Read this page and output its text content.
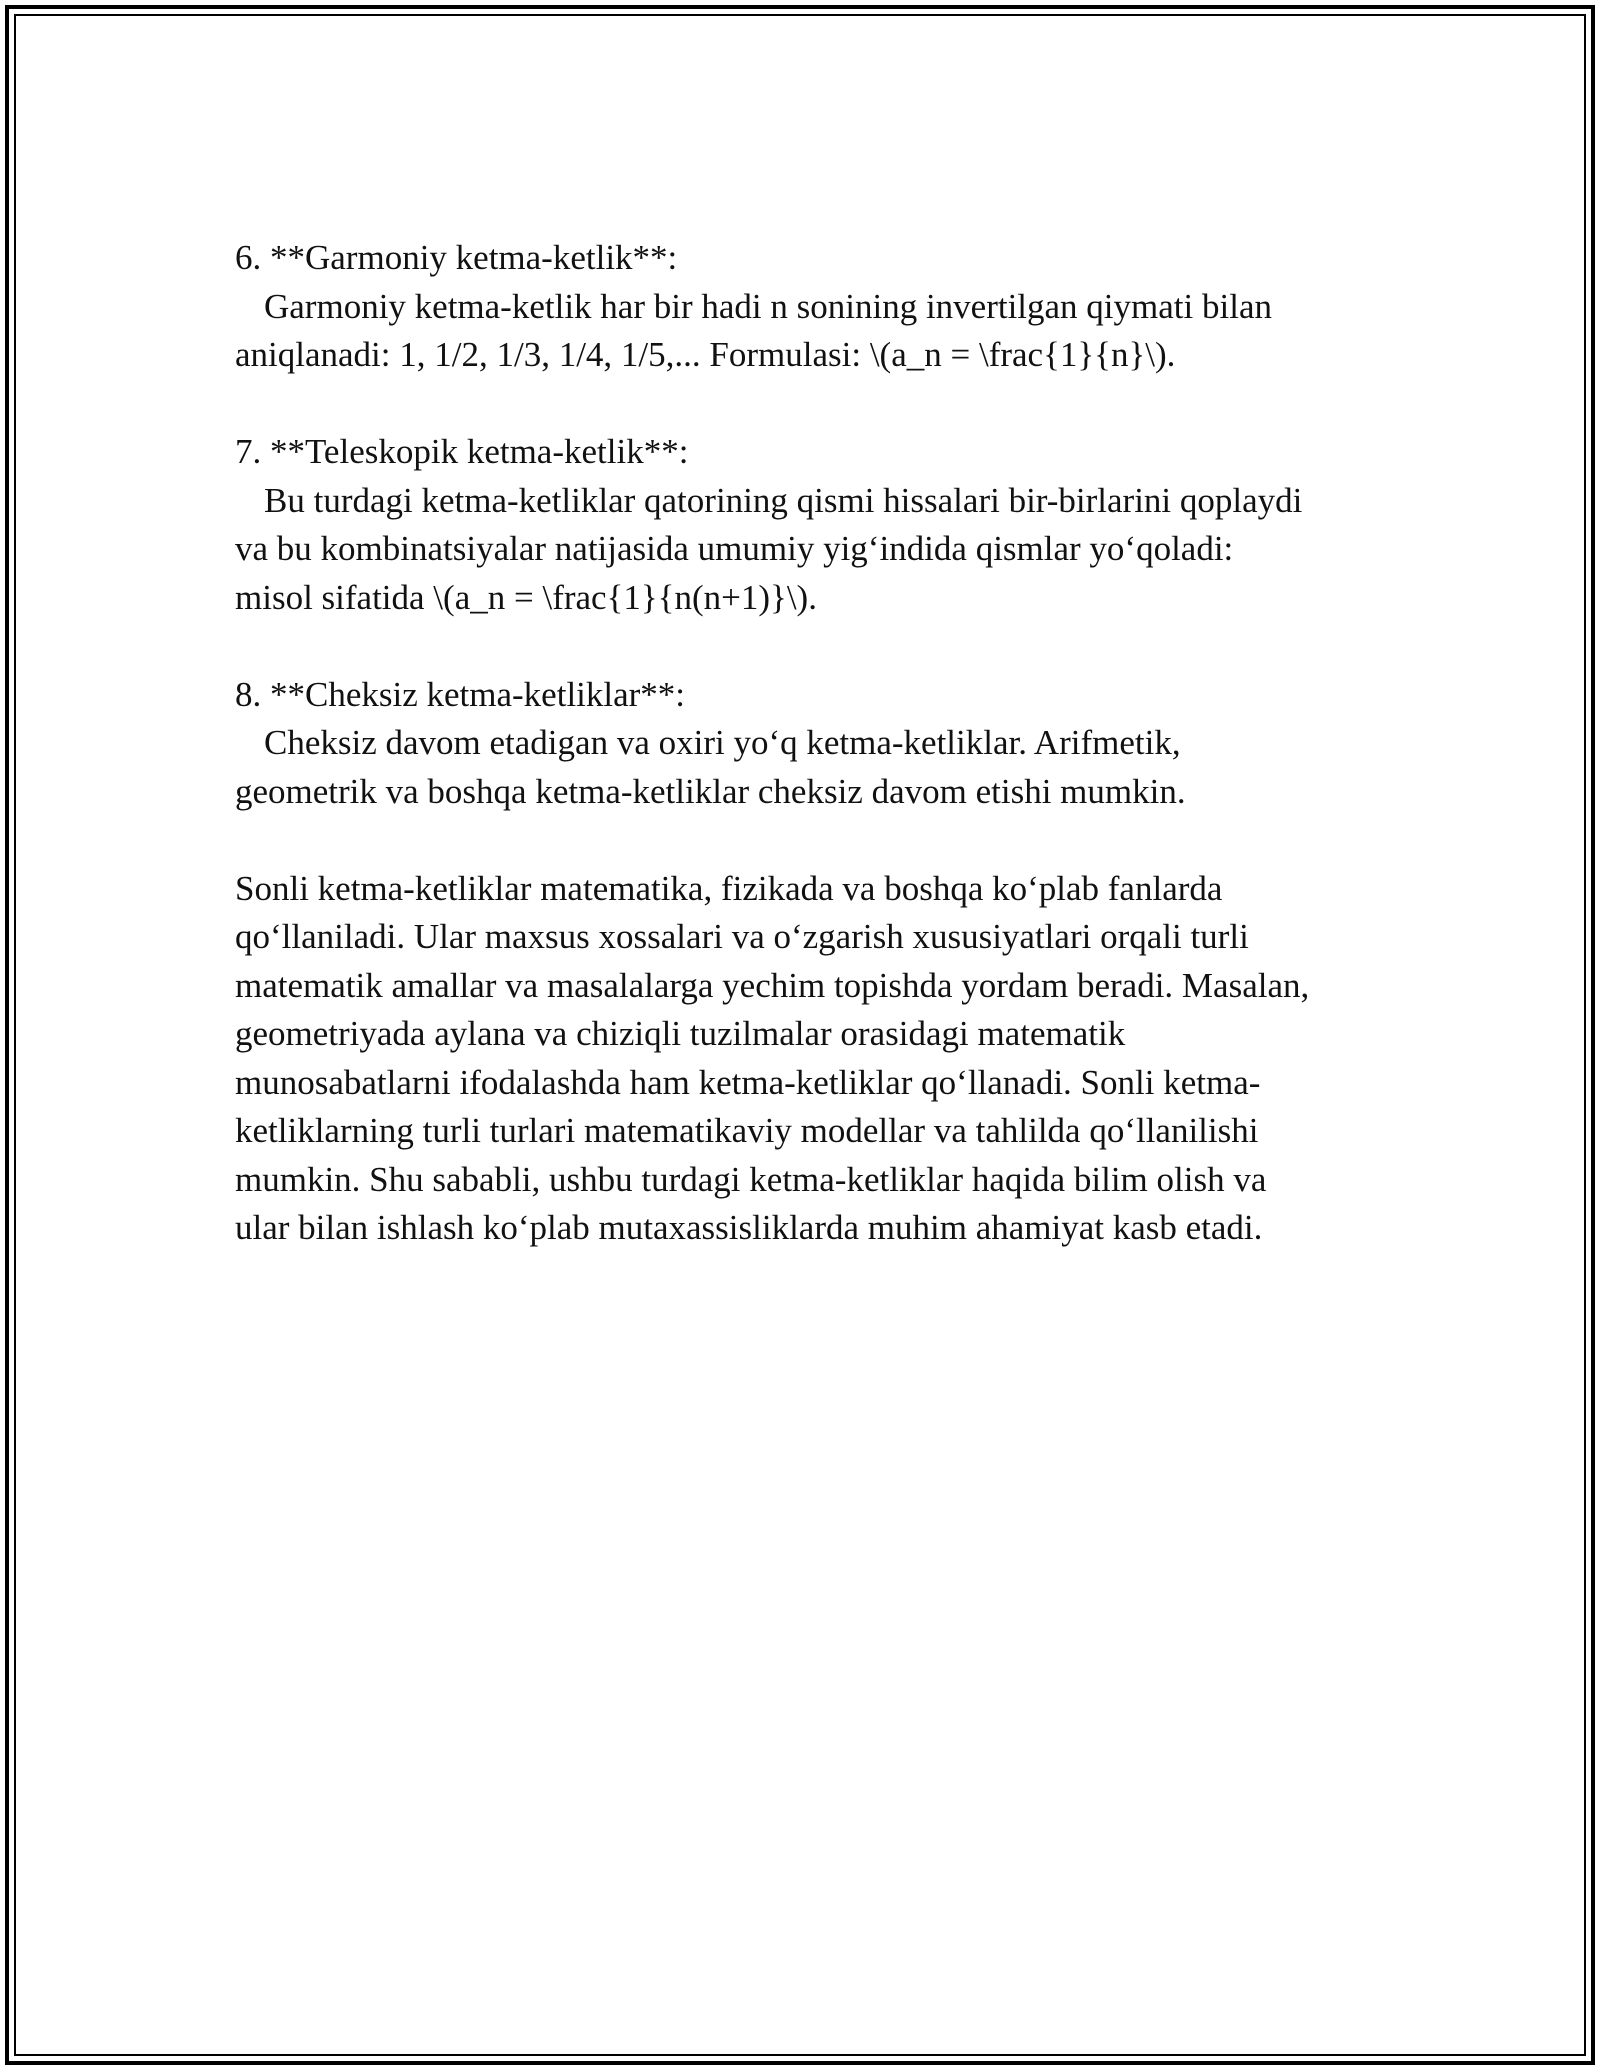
6. **Garmoniy ketma-ketlik**:

Garmoniy ketma-ketlik har bir hadi n sonining invertilgan qiymati bilan

aniqlanadi: 1, 1/2, 1/3, 1/4, 1/5,... Formulasi: \(a_n = \frac{1}{n}\).

7. **Teleskopik ketma-ketlik**:

Bu turdagi ketma-ketliklar qatorining qismi hissalari bir-birlarini qoplaydi

va bu kombinatsiyalar natijasida umumiy yig‘indida qismlar yo‘qoladi:

misol sifatida \(a_n = \frac{1}{n(n+1)}\).

8. **Cheksiz ketma-ketliklar**:

Cheksiz davom etadigan va oxiri yo‘q ketma-ketliklar. Arifmetik,

geometrik va boshqa ketma-ketliklar cheksiz davom etishi mumkin.

Sonli ketma-ketliklar matematika, fizikada va boshqa ko‘plab fanlarda

qo‘llaniladi. Ular maxsus xossalari va o‘zgarish xususiyatlari orqali turli

matematik amallar va masalalarga yechim topishda yordam beradi. Masalan,

geometriyada aylana va chiziqli tuzilmalar orasidagi matematik

munosabatlarni ifodalashda ham ketma-ketliklar qo‘llanadi. Sonli ketma-

ketliklarning turli turlari matematikaviy modellar va tahlilda qo‘llanilishi

mumkin. Shu sababli, ushbu turdagi ketma-ketliklar haqida bilim olish va

ular bilan ishlash ko‘plab mutaxassisliklarda muhim ahamiyat kasb etadi.
